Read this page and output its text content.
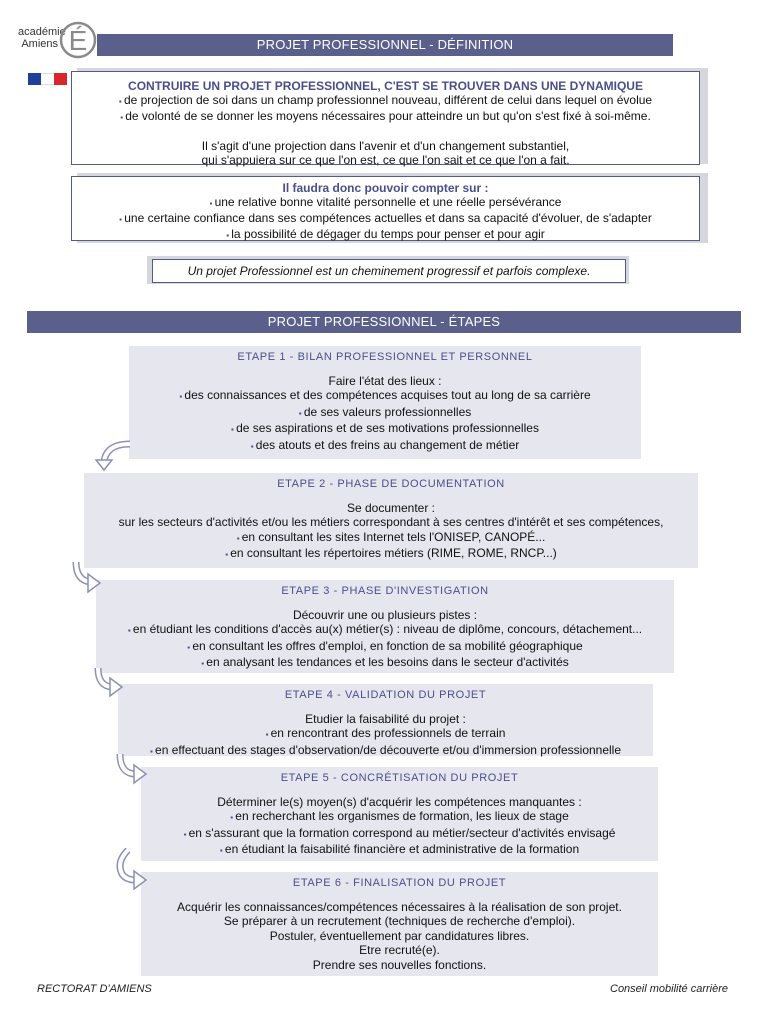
académie
Amiens É	PROJET PROFESSIONNEL - DÉFINITION
CONTRUIRE UN PROJET PROFESSIONNEL, C'EST SE TROUVER DANS UNE DYNAMIQUE
▪ de projection de soi dans un champ professionnel nouveau, différent de celui dans lequel on évolue
▪ de volonté de se donner les moyens nécessaires pour atteindre un but qu'on s'est fixé à soi-même.
Il s'agit d'une projection dans l'avenir et d'un changement substantiel,
qui s'appuiera sur ce que l'on est, ce que l'on sait et ce que l'on a fait.
Il faudra donc pouvoir compter sur :
▪ une relative bonne vitalité personnelle et une réelle persévérance
▪ une certaine confiance dans ses compétences actuelles et dans sa capacité d'évoluer, de s'adapter
▪ la possibilité de dégager du temps pour penser et pour agir
Un projet Professionnel est un cheminement progressif et parfois complexe.
PROJET PROFESSIONNEL - ÉTAPES
ETAPE 1 - BILAN PROFESSIONNEL ET PERSONNEL
Faire l'état des lieux :
▪ des connaissances et des compétences acquises tout au long de sa carrière
▪ de ses valeurs professionnelles
▪ de ses aspirations et de ses motivations professionnelles
▪ des atouts et des freins au changement de métier
ETAPE 2 - PHASE DE DOCUMENTATION
Se documenter :
sur les secteurs d'activités et/ou les métiers correspondant à ses centres d'intérêt et ses compétences,
▪ en consultant les sites Internet tels l'ONISEP, CANOPÉ...
▪ en consultant les répertoires métiers (RIME, ROME, RNCP...)
ETAPE 3 - PHASE D'INVESTIGATION
Découvrir une ou plusieurs pistes :
▪ en étudiant les conditions d'accès au(x) métier(s) : niveau de diplôme, concours, détachement...
▪ en consultant les offres d'emploi, en fonction de sa mobilité géographique
▪ en analysant les tendances et les besoins dans le secteur d'activités
ETAPE 4 - VALIDATION DU PROJET
Etudier la faisabilité du projet :
▪ en rencontrant des professionnels de terrain
▪ en effectuant des stages d'observation/de découverte et/ou d'immersion professionnelle
ETAPE 5 - CONCRÉTISATION DU PROJET
Déterminer le(s) moyen(s) d'acquérir les compétences manquantes :
▪ en recherchant les organismes de formation, les lieux de stage
▪ en s'assurant que la formation correspond au métier/secteur d'activités envisagé
▪ en étudiant la faisabilité financière et administrative de la formation
ETAPE 6 - FINALISATION DU PROJET
Acquérir les connaissances/compétences nécessaires à la réalisation de son projet.
Se préparer à un recrutement (techniques de recherche d'emploi).
Postuler, éventuellement par candidatures libres.
Etre recruté(e).
Prendre ses nouvelles fonctions.
RECTORAT D'AMIENS	Conseil mobilité carrière
